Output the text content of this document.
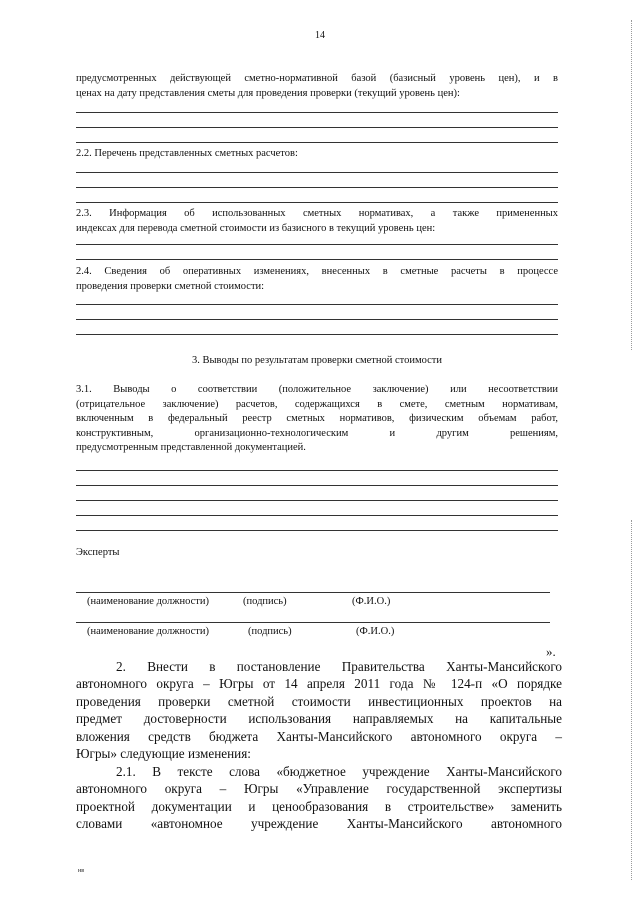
14
предусмотренных действующей сметно-нормативной базой (базисный уровень цен), и в
ценах на дату представления сметы для проведения проверки (текущий уровень цен):
2.2. Перечень представленных сметных расчетов:
2.3. Информация об использованных сметных нормативах, а также примененных
индексах для перевода сметной стоимости из базисного в текущий уровень цен:
2.4. Сведения об оперативных изменениях, внесенных в сметные расчеты в процессе
проведения проверки сметной стоимости:
3. Выводы по результатам проверки сметной стоимости
3.1. Выводы о соответствии (положительное заключение) или несоответствии
(отрицательное заключение) расчетов, содержащихся в смете, сметным нормативам,
включенным в федеральный реестр сметных нормативов, физическим объемам работ,
конструктивным, организационно-технологическим и другим решениям,
предусмотренным представленной документацией.
Эксперты
(наименование должности)	(подпись)	(Ф.И.О.)
(наименование должности)	(подпись)	(Ф.И.О.)
».
2. Внести в постановление Правительства Ханты-Мансийского
автономного округа – Югры от 14 апреля 2011 года № 124-п «О порядке
проведения проверки сметной стоимости инвестиционных проектов на
предмет достоверности использования направляемых на капитальные
вложения средств бюджета Ханты-Мансийского автономного округа –
Югры» следующие изменения:
2.1. В тексте слова «бюджетное учреждение Ханты-Мансийского
автономного округа – Югры «Управление государственной экспертизы
проектной документации и ценообразования в строительстве» заменить
словами «автономное учреждение Ханты-Мансийского автономного
нв
